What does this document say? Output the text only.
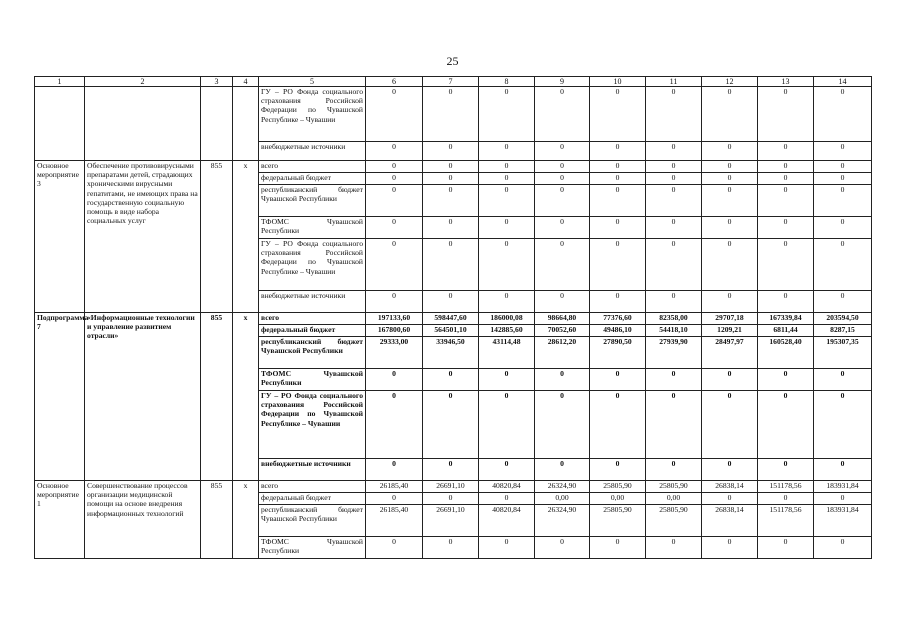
25
1	2	3	4	5	6	7	8	9	10	11	12	13	14
				ГУ – РО Фонда социального страхования Российской Федерации по Чувашской Республике – Чувашии	0	0	0	0	0	0	0	0	0
				внебюджетные источники	0	0	0	0	0	0	0	0	0
Основное мероприятие 3	Обеспечение противовирусными препаратами детей, страдающих хроническими вирусными гепатитами, не имеющих права на государственную социальную помощь в виде набора социальных услуг	855	х	всего	0	0	0	0	0	0	0	0	0
				федеральный бюджет	0	0	0	0	0	0	0	0	0
				республиканский бюджет Чувашской Республики	0	0	0	0	0	0	0	0	0
				ТФОМС Чувашской Республики	0	0	0	0	0	0	0	0	0
				ГУ – РО Фонда социального страхования Российской Федерации по Чувашской Республике – Чувашии	0	0	0	0	0	0	0	0	0
				внебюджетные источники	0	0	0	0	0	0	0	0	0
Подпрограмма 7	«Информационные технологии и управление развитием отрасли»	855	х	всего	197133,60	598447,60	186000,08	98664,80	77376,60	82358,00	29707,18	167339,84	203594,50
				федеральный бюджет	167800,60	564501,10	142885,60	70052,60	49486,10	54418,10	1209,21	6811,44	8287,15
				республиканский бюджет Чувашской Республики	29333,00	33946,50	43114,48	28612,20	27890,50	27939,90	28497,97	160528,40	195307,35
				ТФОМС Чувашской Республики	0	0	0	0	0	0	0	0	0
				ГУ – РО Фонда социального страхования Российской Федерации по Чувашской Республике – Чувашии	0	0	0	0	0	0	0	0	0
				внебюджетные источники	0	0	0	0	0	0	0	0	0
Основное мероприятие 1	Совершенствование процессов организации медицинской помощи на основе внедрения информационных технологий	855	х	всего	26185,40	26691,10	40820,84	26324,90	25805,90	25805,90	26838,14	151178,56	183931,84
				федеральный бюджет	0	0	0	0,00	0,00	0,00	0	0	0
				республиканский бюджет Чувашской Республики	26185,40	26691,10	40820,84	26324,90	25805,90	25805,90	26838,14	151178,56	183931,84
				ТФОМС Чувашской Республики	0	0	0	0	0	0	0	0	0
